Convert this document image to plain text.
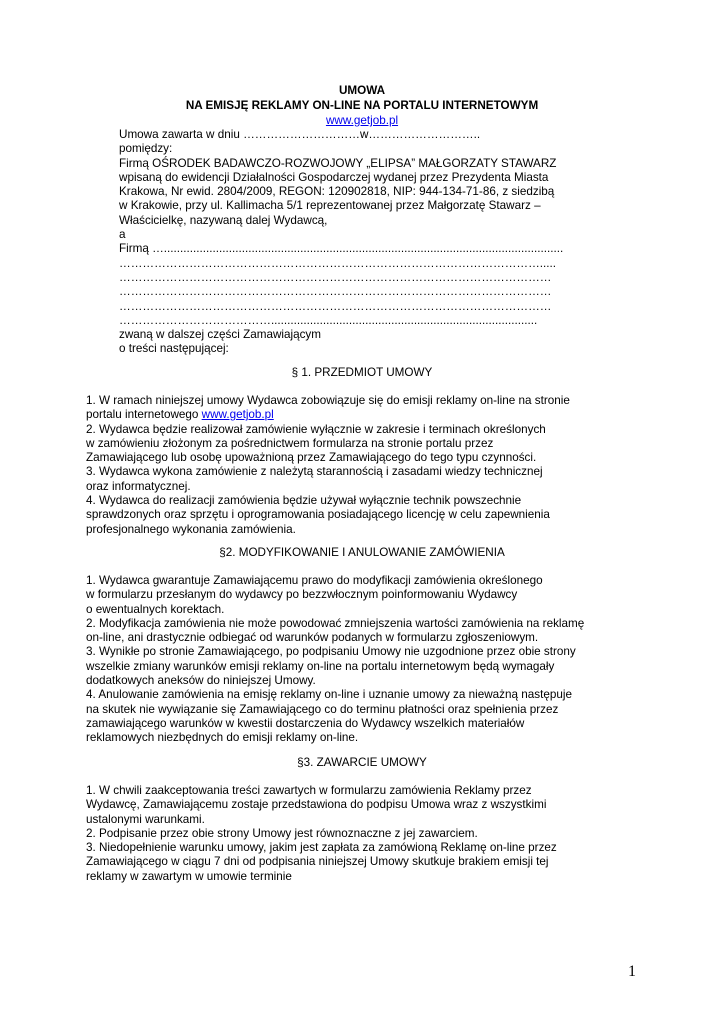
UMOWA
NA EMISJĘ REKLAMY ON-LINE NA PORTALU INTERNETOWYM
www.getjob.pl
Umowa zawarta w dniu …………………………w………………………..
pomiędzy:
Firmą OŚRODEK BADAWCZO-ROZWOJOWY „ELIPSA” MAŁGORZATY STAWARZ
wpisaną do ewidencji Działalności Gospodarczej wydanej przez Prezydenta Miasta
Krakowa, Nr ewid. 2804/2009, REGON: 120902818, NIP: 944-134-71-86, z siedzibą
w Krakowie, przy ul. Kallimacha 5/1 reprezentowanej przez Małgorzatę Stawarz –
Właścicielkę, nazywaną dalej Wydawcą,
a
Firmą …...........................................................................................................................
……………………………………………………………………………………………….....
…………………………………………………………………………………………………
…………………………………………………………………………………………………
…………………………………………………………………………………………………
…………………………………..................................................................................
zwaną w dalszej części Zamawiającym
o treści następującej:
§ 1. PRZEDMIOT UMOWY
1. W ramach niniejszej umowy Wydawca zobowiązuje się do emisji reklamy on-line na stronie
portalu internetowego www.getjob.pl
2. Wydawca będzie realizował zamówienie wyłącznie w zakresie i terminach określonych
w zamówieniu złożonym za pośrednictwem formularza na stronie portalu przez
Zamawiającego lub osobę upoważnioną przez Zamawiającego do tego typu czynności.
3. Wydawca wykona zamówienie z należytą starannością i zasadami wiedzy technicznej
oraz informatycznej.
4. Wydawca do realizacji zamówienia będzie używał wyłącznie technik powszechnie
sprawdzonych oraz sprzętu i oprogramowania posiadającego licencję w celu zapewnienia
profesjonalnego wykonania zamówienia.
§2. MODYFIKOWANIE I ANULOWANIE ZAMÓWIENIA
1. Wydawca gwarantuje Zamawiającemu prawo do modyfikacji zamówienia określonego
w formularzu przesłanym do wydawcy po bezzwłocznym poinformowaniu Wydawcy
o ewentualnych korektach.
2. Modyfikacja zamówienia nie może powodować zmniejszenia wartości zamówienia na reklamę
on-line, ani drastycznie odbiegać od warunków podanych w formularzu zgłoszeniowym.
3. Wynikłe po stronie Zamawiającego, po podpisaniu Umowy nie uzgodnione przez obie strony
wszelkie zmiany warunków emisji reklamy on-line na portalu internetowym będą wymagały
dodatkowych aneksów do niniejszej Umowy.
4. Anulowanie zamówienia na emisję reklamy on-line i uznanie umowy za nieważną następuje
na skutek nie wywiązanie się Zamawiającego co do terminu płatności oraz spełnienia przez
zamawiającego warunków w kwestii dostarczenia do Wydawcy wszelkich materiałów
reklamowych niezbędnych do emisji reklamy on-line.
§3. ZAWARCIE UMOWY
1. W chwili zaakceptowania treści zawartych w formularzu zamówienia Reklamy przez
Wydawcę, Zamawiającemu zostaje przedstawiona do podpisu Umowa wraz z wszystkimi
ustalonymi warunkami.
2. Podpisanie przez obie strony Umowy jest równoznaczne z jej zawarciem.
3. Niedopełnienie warunku umowy, jakim jest zapłata za zamówioną Reklamę on-line przez
Zamawiającego w ciągu 7 dni od podpisania niniejszej Umowy skutkuje brakiem emisji tej
reklamy w zawartym w umowie terminie
1
